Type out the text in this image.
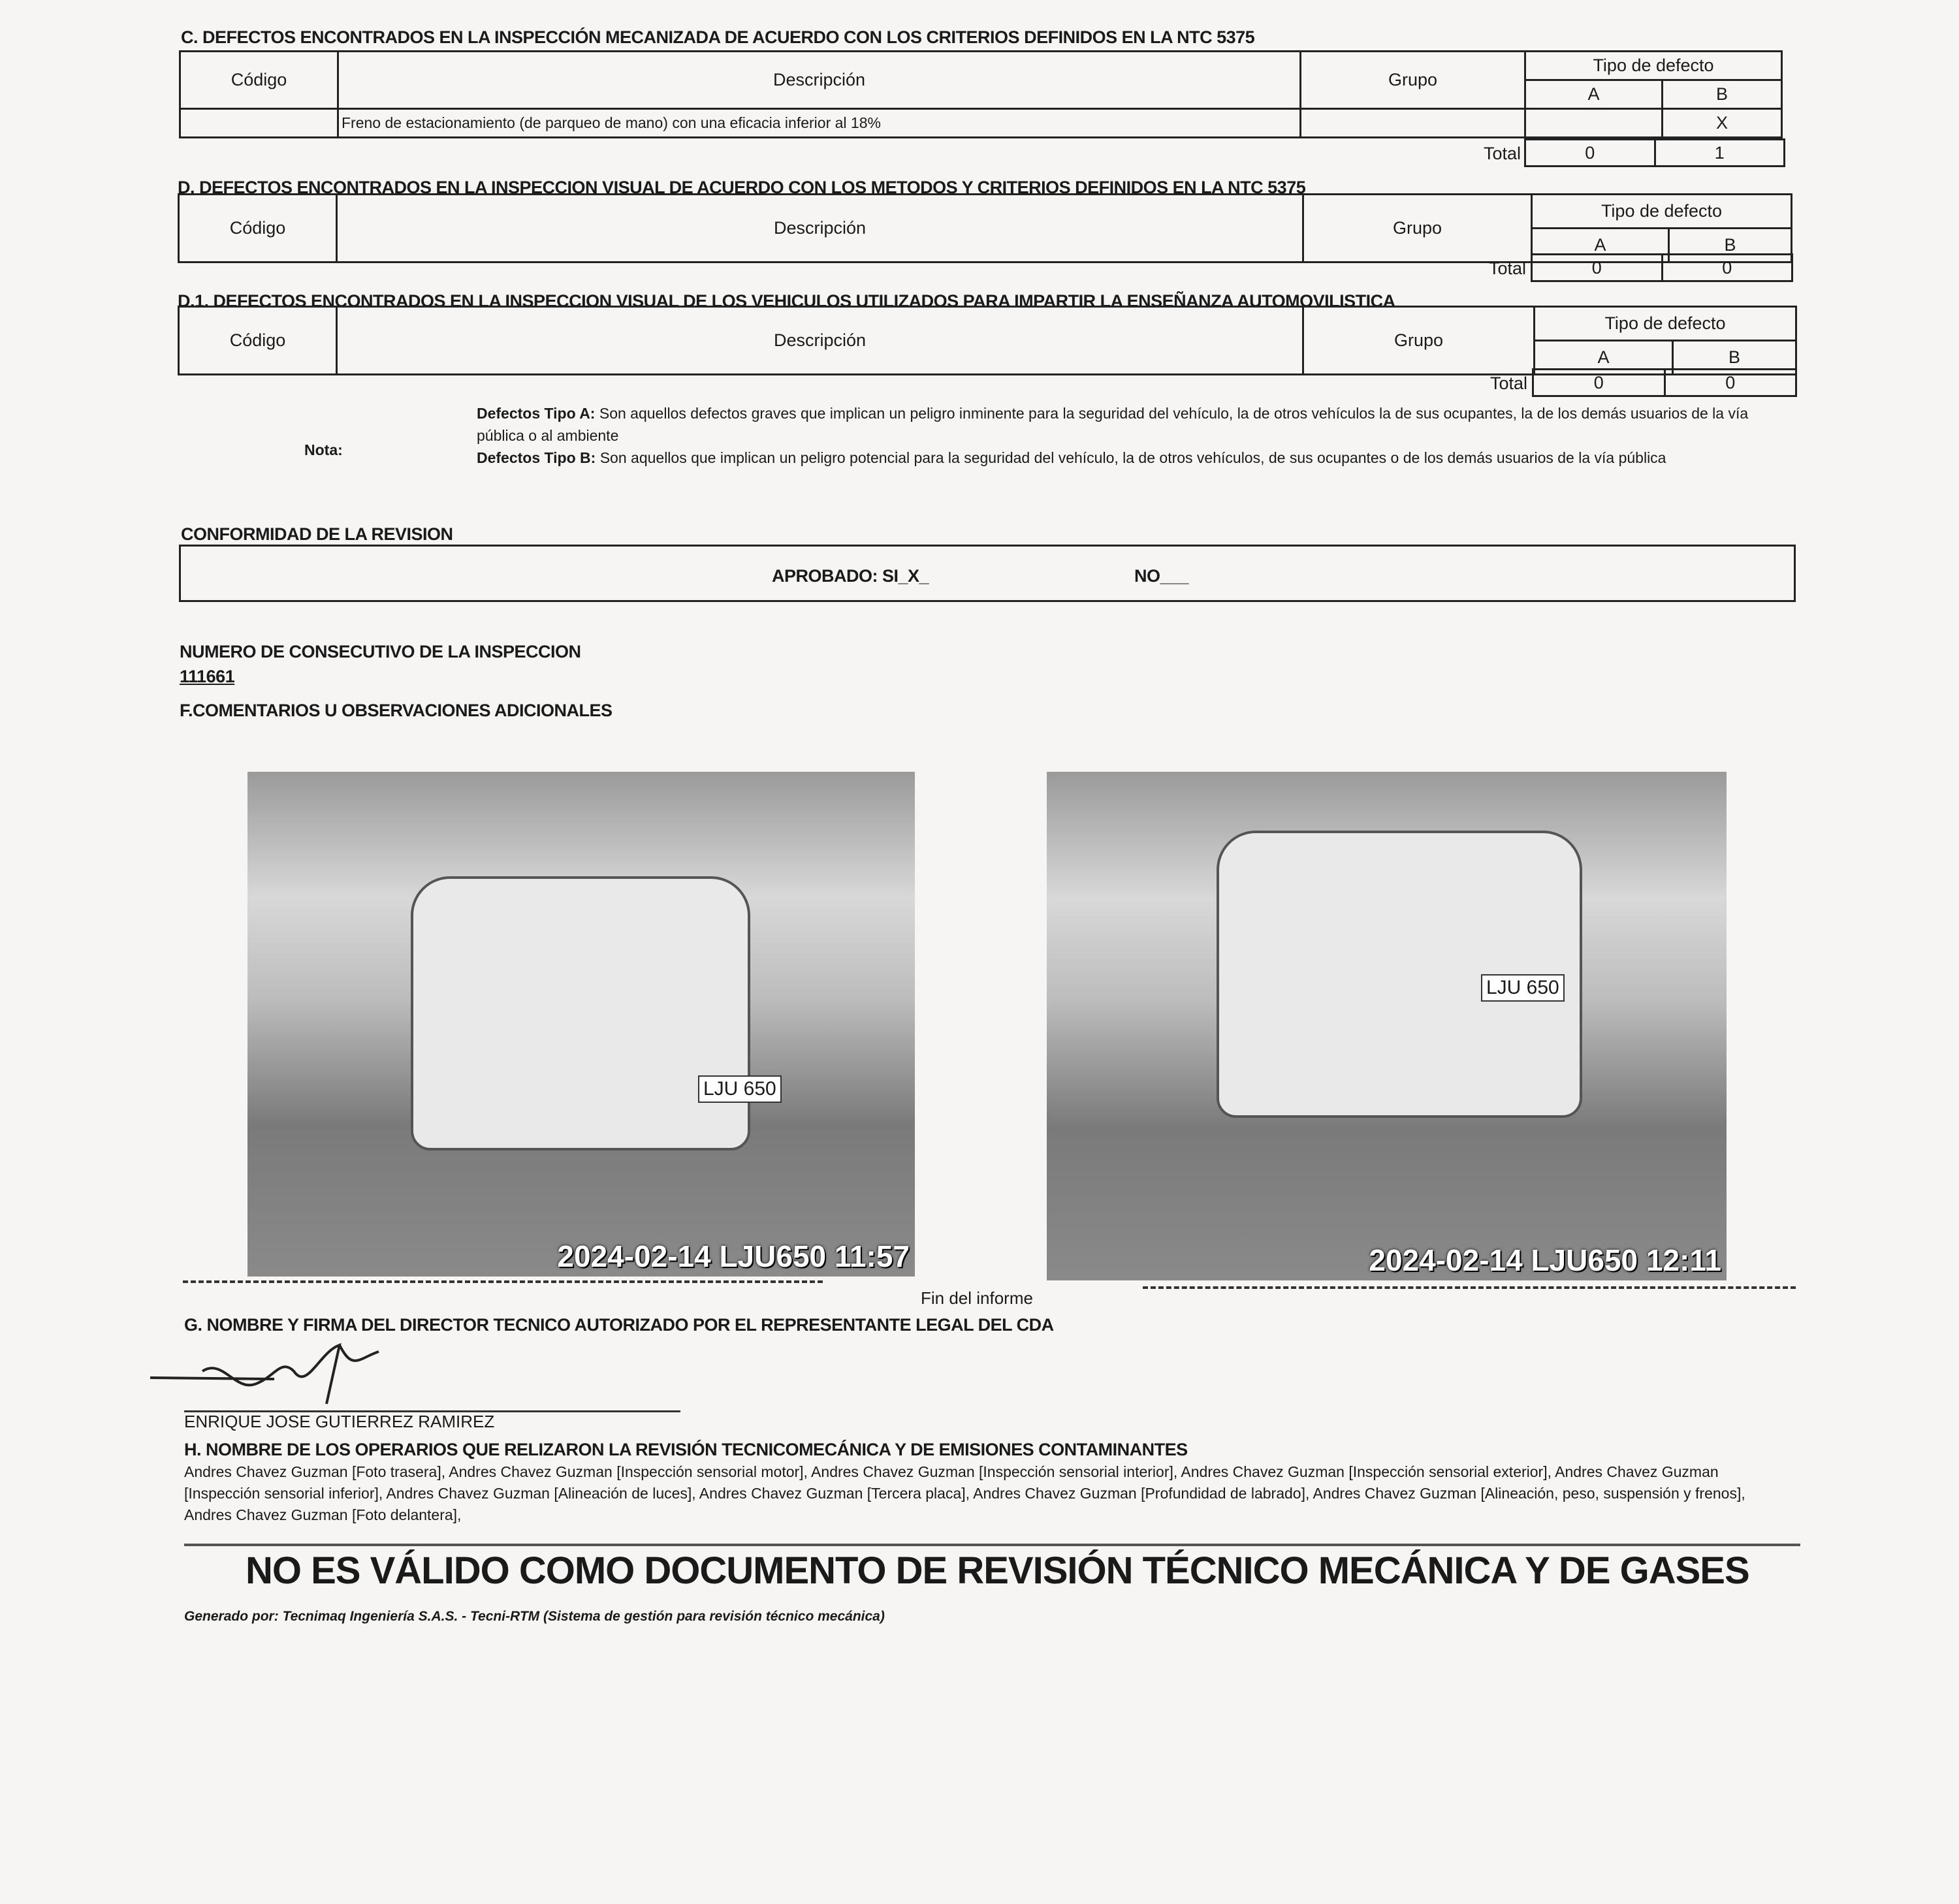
C. DEFECTOS ENCONTRADOS EN LA INSPECCIÓN MECANIZADA DE ACUERDO CON LOS CRITERIOS DEFINIDOS EN LA NTC 5375
Código	Descripción	Grupo	Tipo de defecto	
			A	B
	Freno de estacionamiento (de parqueo de mano) con una eficacia inferior al 18%			X
Total	0	1
D. DEFECTOS ENCONTRADOS EN LA INSPECCION VISUAL DE ACUERDO CON LOS METODOS Y CRITERIOS DEFINIDOS EN LA NTC 5375
Código	Descripción	Grupo	Tipo de defecto	
			A	B
Total	0	0
D.1. DEFECTOS ENCONTRADOS EN LA INSPECCION VISUAL DE LOS VEHICULOS UTILIZADOS PARA IMPARTIR LA ENSEÑANZA AUTOMOVILISTICA
Código	Descripción	Grupo	Tipo de defecto	
			A	B
Total	0	0
Nota:

Defectos Tipo A: Son aquellos defectos graves que implican un peligro inminente para la seguridad del vehículo, la de otros vehículos la de sus ocupantes, la de los demás usuarios de la vía pública o al ambiente

Defectos Tipo B: Son aquellos que implican un peligro potencial para la seguridad del vehículo, la de otros vehículos, de sus ocupantes o de los demás usuarios de la vía pública

CONFORMIDAD DE LA REVISION
APROBADO: SI_X_	NO___
NUMERO DE CONSECUTIVO DE LA INSPECCION
111661
F.COMENTARIOS U OBSERVACIONES ADICIONALES
LJU 650
2024-02-14 LJU650 11:57
LJU 650
2024-02-14 LJU650 12:11
Fin del informe
G. NOMBRE Y FIRMA DEL DIRECTOR TECNICO AUTORIZADO POR EL REPRESENTANTE LEGAL DEL CDA
ENRIQUE JOSE GUTIERREZ RAMIREZ
H. NOMBRE DE LOS OPERARIOS QUE RELIZARON LA REVISIÓN TECNICOMECÁNICA Y DE EMISIONES CONTAMINANTES
Andres Chavez Guzman [Foto trasera], Andres Chavez Guzman [Inspección sensorial motor], Andres Chavez Guzman [Inspección sensorial interior], Andres Chavez Guzman [Inspección sensorial exterior], Andres Chavez Guzman [Inspección sensorial inferior], Andres Chavez Guzman [Alineación de luces], Andres Chavez Guzman [Tercera placa], Andres Chavez Guzman [Profundidad de labrado], Andres Chavez Guzman [Alineación, peso, suspensión y frenos], Andres Chavez Guzman [Foto delantera],
NO ES VÁLIDO COMO DOCUMENTO DE REVISIÓN TÉCNICO MECÁNICA Y DE GASES
Generado por: Tecnimaq Ingeniería S.A.S. - Tecni-RTM (Sistema de gestión para revisión técnico mecánica)
